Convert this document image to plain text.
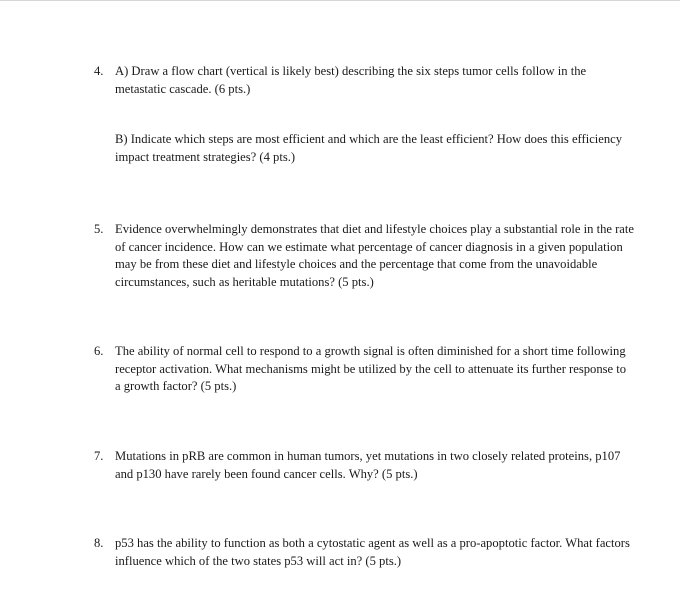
4. A) Draw a flow chart (vertical is likely best) describing the six steps tumor cells follow in the metastatic cascade. (6 pts.)

B) Indicate which steps are most efficient and which are the least efficient? How does this efficiency impact treatment strategies? (4 pts.)

5. Evidence overwhelmingly demonstrates that diet and lifestyle choices play a substantial role in the rate of cancer incidence. How can we estimate what percentage of cancer diagnosis in a given population may be from these diet and lifestyle choices and the percentage that come from the unavoidable circumstances, such as heritable mutations? (5 pts.)

6. The ability of normal cell to respond to a growth signal is often diminished for a short time following receptor activation. What mechanisms might be utilized by the cell to attenuate its further response to a growth factor? (5 pts.)

7. Mutations in pRB are common in human tumors, yet mutations in two closely related proteins, p107 and p130 have rarely been found cancer cells. Why? (5 pts.)

8. p53 has the ability to function as both a cytostatic agent as well as a pro-apoptotic factor. What factors influence which of the two states p53 will act in? (5 pts.)
